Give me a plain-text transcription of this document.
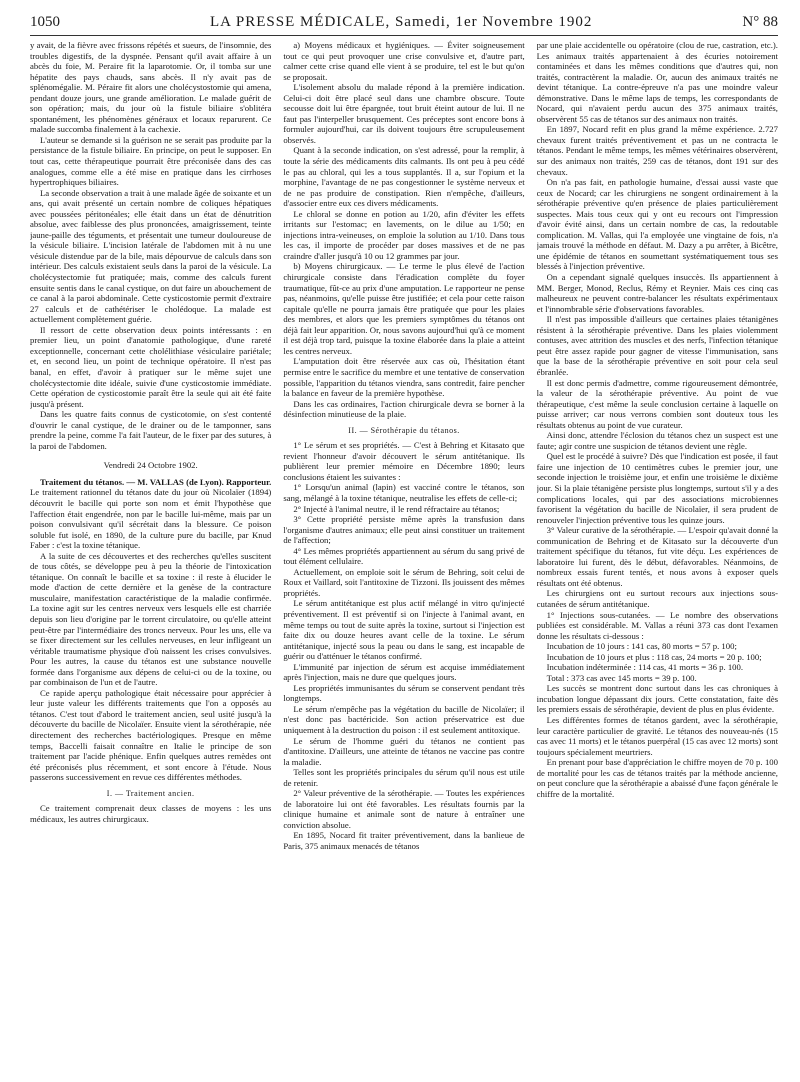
1050	LA PRESSE MÉDICALE, Samedi, 1er Novembre 1902	N° 88

y avait, de la fièvre avec frissons répétés et sueurs, de l'insomnie, des troubles digestifs, de la dyspnée. Pensant qu'il avait affaire à un abcès du foie, M. Peraire fit la laparotomie. Or, il tomba sur une hépatite des pays chauds, sans abcès. Il n'y avait pas de splénomégalie. M. Péraire fit alors une cholécystostomie qui amena, pendant douze jours, une grande amélioration. Le malade guérit de son opération; mais, du jour où la fistule biliaire s'oblitéra spontanément, les phénomènes généraux et locaux reparurent. Ce malade succomba finalement à la cachexie.

L'auteur se demande si la guérison ne se serait pas produite par la persistance de la fistule biliaire. En principe, on peut le supposer. En tout cas, cette thérapeutique pourrait être préconisée dans des cas analogues, comme elle a été mise en pratique dans les cirrhoses hypertrophiques biliaires.

La seconde observation a trait à une malade âgée de soixante et un ans, qui avait présenté un certain nombre de coliques hépatiques avec poussées péritonéales; elle était dans un état de dénutrition absolue, avec faiblesse des plus prononcées, amaigrissement, teinte jaune-paille des téguments, et présentait une tumeur douloureuse de la vésicule biliaire. L'incision latérale de l'abdomen mit à nu une vésicule distendue par de la bile, mais dépourvue de calculs dans son intérieur. Des calculs existaient seuls dans la paroi de la vésicule. La cholécystectomie fut pratiquée; mais, comme des calculs furent ensuite sentis dans le canal cystique, on dut faire un abouchement de ce canal à la paroi abdominale. Cette cysticostomie permit d'extraire 27 calculs et de cathétériser le cholédoque. La malade est actuellement complètement guérie.

Il ressort de cette observation deux points intéressants : en premier lieu, un point d'anatomie pathologique, d'une rareté exceptionnelle, concernant cette cholélithiase vésiculaire pariétale; et, en second lieu, un point de technique opératoire. Il n'est pas banal, en effet, d'avoir à pratiquer sur le même sujet une cholécystectomie dite idéale, suivie d'une cysticostomie immédiate. Cette opération de cysticostomie paraît être la seule qui ait été faite jusqu'à présent.

Dans les quatre faits connus de cysticotomie, on s'est contenté d'ouvrir le canal cystique, de le drainer ou de le tamponner, sans prendre la peine, comme l'a fait l'auteur, de le fixer par des sutures, à la paroi de l'abdomen.

Vendredi 24 Octobre 1902.

Traitement du tétanos. — M. VALLAS (de Lyon). Rapporteur. Le traitement rationnel du tétanos date du jour où Nicolaïer (1894) découvrit le bacille qui porte son nom et émit l'hypothèse que l'affection était engendrée, non par le bacille lui-même, mais par un poison convulsivant qu'il sécrétait dans la blessure. Ce poison soluble fut isolé, en 1890, de la culture pure du bacille, par Knud Faber : c'est la toxine tétanique.

A la suite de ces découvertes et des recherches qu'elles suscitent de tous côtés, se développe peu à peu la théorie de l'intoxication tétanique. On connaît le bacille et sa toxine : il reste à élucider le mode d'action de cette dernière et la genèse de la contracture musculaire, manifestation caractéristique de la maladie confirmée. La toxine agit sur les centres nerveux vers lesquels elle est charriée depuis son lieu d'origine par le torrent circulatoire, ou qu'elle atteint peut-être par l'intermédiaire des troncs nerveux. Pour les uns, elle va se fixer directement sur les cellules nerveuses, en leur infligeant un véritable traumatisme physique d'où naissent les crises convulsives. Pour les autres, la cause du tétanos est une substance nouvelle formée dans l'organisme aux dépens de celui-ci ou de la toxine, ou par combinaison de l'un et de l'autre.

Ce rapide aperçu pathologique était nécessaire pour apprécier à leur juste valeur les différents traitements que l'on a opposés au tétanos. C'est tout d'abord le traitement ancien, seul usité jusqu'à la découverte du bacille de Nicolaïer. Ensuite vient la sérothérapie, née directement des recherches bactériologiques. Presque en même temps, Baccelli faisait connaître en Italie le principe de son traitement par l'acide phénique. Enfin quelques autres remèdes ont été préconisés plus récemment, et sont encore à l'étude. Nous passerons successivement en revue ces différentes méthodes.

I. — Traitement ancien.

Ce traitement comprenait deux classes de moyens : les uns médicaux, les autres chirurgicaux.

a) Moyens médicaux et hygiéniques. — Éviter soigneusement tout ce qui peut provoquer une crise convulsive et, d'autre part, calmer cette crise quand elle vient à se produire, tel est le but qu'on se proposait.

L'isolement absolu du malade répond à la première indication. Celui-ci doit être placé seul dans une chambre obscure. Toute secousse doit lui être épargnée, tout bruit éteint autour de lui. Il ne faut pas l'interpeller brusquement. Ces préceptes sont encore bons à formuler aujourd'hui, car ils doivent toujours être scrupuleusement observés.

Quant à la seconde indication, on s'est adressé, pour la remplir, à toute la série des médicaments dits calmants. Ils ont peu à peu cédé le pas au chloral, qui les a tous supplantés. Il a, sur l'opium et la morphine, l'avantage de ne pas congestionner le système nerveux et de ne pas produire de constipation. Rien n'empêche, d'ailleurs, d'associer entre eux ces divers médicaments.

Le chloral se donne en potion au 1/20, afin d'éviter les effets irritants sur l'estomac; en lavements, on le dilue au 1/50; en injections intra-veineuses, on emploie la solution au 1/10. Dans tous les cas, il importe de procéder par doses massives et de ne pas craindre d'aller jusqu'à 10 ou 12 grammes par jour.

b) Moyens chirurgicaux. — Le terme le plus élevé de l'action chirurgicale consiste dans l'éradication complète du foyer traumatique, fût-ce au prix d'une amputation. Le rapporteur ne pense pas, néanmoins, qu'elle puisse être justifiée; et cela pour cette raison capitale qu'elle ne pourra jamais être pratiquée que pour les plaies des membres, et alors que les premiers symptômes du tétanos ont déjà fait leur apparition. Or, nous savons aujourd'hui qu'à ce moment il est déjà trop tard, puisque la toxine élaborée dans la plaie a atteint les centres nerveux.

L'amputation doit être réservée aux cas où, l'hésitation étant permise entre le sacrifice du membre et une tentative de conservation possible, l'apparition du tétanos viendra, sans contredit, faire pencher la balance en faveur de la première hypothèse.

Dans les cas ordinaires, l'action chirurgicale devra se borner à la désinfection minutieuse de la plaie.

II. — Sérothérapie du tétanos.

1° Le sérum et ses propriétés. — C'est à Behring et Kitasato que revient l'honneur d'avoir découvert le sérum antitétanique. Ils publièrent leur premier mémoire en Décembre 1890; leurs conclusions étaient les suivantes :

1° Lorsqu'un animal (lapin) est vacciné contre le tétanos, son sang, mélangé à la toxine tétanique, neutralise les effets de celle-ci;

2° Injecté à l'animal neutre, il le rend réfractaire au tétanos;

3° Cette propriété persiste même après la transfusion dans l'organisme d'autres animaux; elle peut ainsi constituer un traitement de l'affection;

4° Les mêmes propriétés appartiennent au sérum du sang privé de tout élément cellulaire.

Actuellement, on emploie soit le sérum de Behring, soit celui de Roux et Vaillard, soit l'antitoxine de Tizzoni. Ils jouissent des mêmes propriétés.

Le sérum antitétanique est plus actif mélangé in vitro qu'injecté préventivement. Il est préventif si on l'injecte à l'animal avant, en même temps ou tout de suite après la toxine, surtout si l'injection est faite dix ou douze heures avant celle de la toxine. Le sérum antitétanique, injecté sous la peau ou dans le sang, est incapable de guérir ou d'atténuer le tétanos confirmé.

L'immunité par injection de sérum est acquise immédiatement après l'injection, mais ne dure que quelques jours.

Les propriétés immunisantes du sérum se conservent pendant très longtemps.

Le sérum n'empêche pas la végétation du bacille de Nicolaïer; il n'est donc pas bactéricide. Son action préservatrice est due uniquement à la destruction du poison : il est seulement antitoxique.

Le sérum de l'homme guéri du tétanos ne contient pas d'antitoxine. D'ailleurs, une atteinte de tétanos ne vaccine pas contre la maladie.

Telles sont les propriétés principales du sérum qu'il nous est utile de retenir.

2° Valeur préventive de la sérothérapie. — Toutes les expériences de laboratoire lui ont été favorables. Les résultats fournis par la clinique humaine et animale sont de nature à entraîner une conviction absolue.

En 1895, Nocard fit traiter préventivement, dans la banlieue de Paris, 375 animaux menacés de tétanos

par une plaie accidentelle ou opératoire (clou de rue, castration, etc.). Les animaux traités appartenaient à des écuries notoirement contaminées et dans les mêmes conditions que d'autres qui, non traités, contractèrent la maladie. Or, aucun des animaux traités ne devint tétanique. La contre-épreuve n'a pas une moindre valeur démonstrative. Dans le même laps de temps, les correspondants de Nocard, qui n'avaient perdu aucun des 375 animaux traités, observèrent 55 cas de tétanos sur des animaux non traités.

En 1897, Nocard refit en plus grand la même expérience. 2.727 chevaux furent traités préventivement et pas un ne contracta le tétanos. Pendant le même temps, les mêmes vétérinaires observèrent, sur des animaux non traités, 259 cas de tétanos, dont 191 sur des chevaux.

On n'a pas fait, en pathologie humaine, d'essai aussi vaste que ceux de Nocard; car les chirurgiens ne songent ordinairement à la sérothérapie préventive qu'en présence de plaies particulièrement suspectes. Mais tous ceux qui y ont eu recours ont l'impression d'avoir évité ainsi, dans un certain nombre de cas, la redoutable complication. M. Vallas, qui l'a employée une vingtaine de fois, n'a jamais trouvé la méthode en défaut. M. Dazy a pu arrêter, à Bicêtre, une épidémie de tétanos en soumettant systématiquement tous ses blessés à l'injection préventive.

On a cependant signalé quelques insuccès. Ils appartiennent à MM. Berger, Monod, Reclus, Rémy et Reynier. Mais ces cinq cas malheureux ne peuvent contre-balancer les résultats expérimentaux et l'innombrable série d'observations favorables.

Il n'est pas impossible d'ailleurs que certaines plaies tétanigènes résistent à la sérothérapie préventive. Dans les plaies violemment contuses, avec attrition des muscles et des nerfs, l'infection tétanique peut être assez rapide pour gagner de vitesse l'immunisation, sans que la base de la sérothérapie préventive en soit pour cela seul ébranlée.

Il est donc permis d'admettre, comme rigoureusement démontrée, la valeur de la sérothérapie préventive. Au point de vue thérapeutique, c'est même la seule conclusion certaine à laquelle on puisse arriver; car nous verrons combien sont douteux tous les résultats obtenus au point de vue curateur.

Ainsi donc, attendre l'éclosion du tétanos chez un suspect est une faute; agir contre une suspicion de tétanos devient une règle.

Quel est le procédé à suivre? Dès que l'indication est posée, il faut faire une injection de 10 centimètres cubes le premier jour, une seconde injection le troisième jour, et enfin une troisième le dixième jour. Si la plaie tétanigène persiste plus longtemps, surtout s'il y a des complications locales, qui par des associations microbiennes favorisent la végétation du bacille de Nicolaïer, il sera prudent de renouveler l'injection préventive tous les quinze jours.

3° Valeur curative de la sérothérapie. — L'espoir qu'avait donné la communication de Behring et de Kitasato sur la découverte d'un traitement spécifique du tétanos, fut vite déçu. Les expériences de laboratoire lui furent, dès le début, défavorables. Néanmoins, de nombreux essais furent tentés, et nous avons à exposer quels résultats ont été obtenus.

Les chirurgiens ont eu surtout recours aux injections sous-cutanées de sérum antitétanique.

1° Injections sous-cutanées. — Le nombre des observations publiées est considérable. M. Vallas a réuni 373 cas dont l'examen donne les résultats ci-dessous :

Incubation de 10 jours : 141 cas, 80 morts = 57 p. 100;

Incubation de 10 jours et plus : 118 cas, 24 morts = 20 p. 100;

Incubation indéterminée : 114 cas, 41 morts = 36 p. 100.

Total : 373 cas avec 145 morts = 39 p. 100.

Les succès se montrent donc surtout dans les cas chroniques à incubation longue dépassant dix jours. Cette constatation, faite dès les premiers essais de sérothérapie, devient de plus en plus évidente.

Les différentes formes de tétanos gardent, avec la sérothérapie, leur caractère particulier de gravité. Le tétanos des nouveau-nés (15 cas avec 11 morts) et le tétanos puerpéral (15 cas avec 12 morts) sont toujours spécialement meurtriers.

En prenant pour base d'appréciation le chiffre moyen de 70 p. 100 de mortalité pour les cas de tétanos traités par la méthode ancienne, on peut conclure que la sérothérapie a abaissé d'une façon générale le chiffre de la mortalité.
